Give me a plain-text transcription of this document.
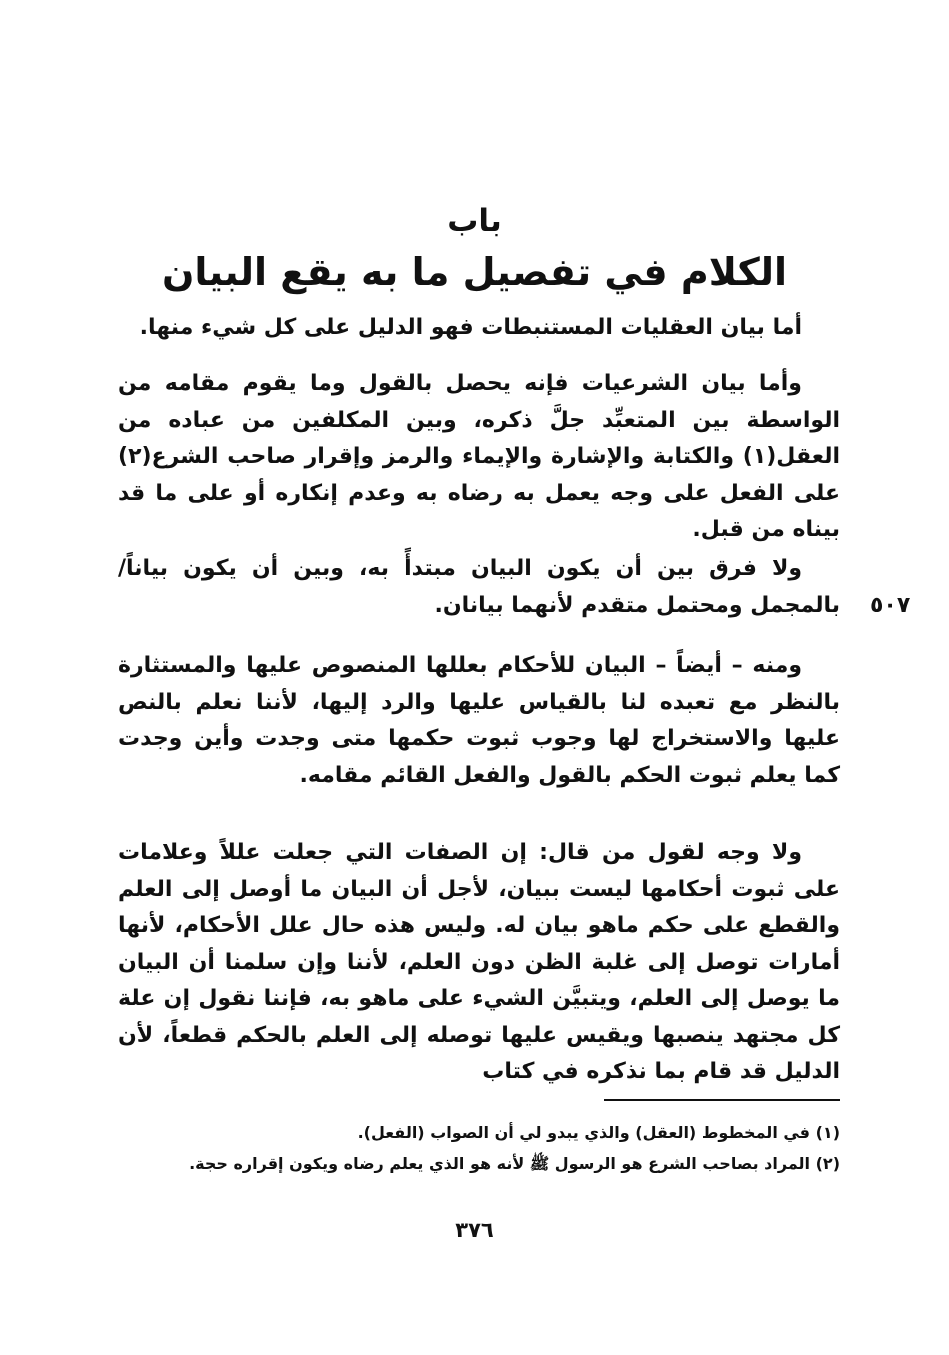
باب
الكلام في تفصيل ما به يقع البيان

أما بيان العقليات المستنبطات فهو الدليل على كل شيء منها.

وأما بيان الشرعيات فإنه يحصل بالقول وما يقوم مقامه من الواسطة بين المتعبِّد جلَّ ذكره، وبين المكلفين من عباده من العقل(١) والكتابة والإشارة والإيماء والرمز وإقرار صاحب الشرع(٢) على الفعل على وجه يعمل به رضاه به وعدم إنكاره أو على ما قد بيناه من قبل.

ولا فرق بين أن يكون البيان مبتدأً به، وبين أن يكون بياناً/ بالمجمل ومحتمل متقدم لأنهما بيانان. ٥٠٧

ومنه – أيضاً – البيان للأحكام بعللها المنصوص عليها والمستثارة بالنظر مع تعبده لنا بالقياس عليها والرد إليها، لأننا نعلم بالنص عليها والاستخراج لها وجوب ثبوت حكمها متى وجدت وأين وجدت كما يعلم ثبوت الحكم بالقول والفعل القائم مقامه.

ولا وجه لقول من قال: إن الصفات التي جعلت عللاً وعلامات على ثبوت أحكامها ليست ببيان، لأجل أن البيان ما أوصل إلى العلم والقطع على حكم ماهو بيان له. وليس هذه حال علل الأحكام، لأنها أمارات توصل إلى غلبة الظن دون العلم، لأننا وإن سلمنا أن البيان ما يوصل إلى العلم، ويتبيَّن الشيء على ماهو به، فإننا نقول إن علة كل مجتهد ينصبها ويقيس عليها توصله إلى العلم بالحكم قطعاً، لأن الدليل قد قام بما نذكره في كتاب

(١) في المخطوط (العقل) والذي يبدو لي أن الصواب (الفعل).

(٢) المراد بصاحب الشرع هو الرسول ﷺ لأنه هو الذي يعلم رضاه ويكون إقراره حجة.

٣٧٦
